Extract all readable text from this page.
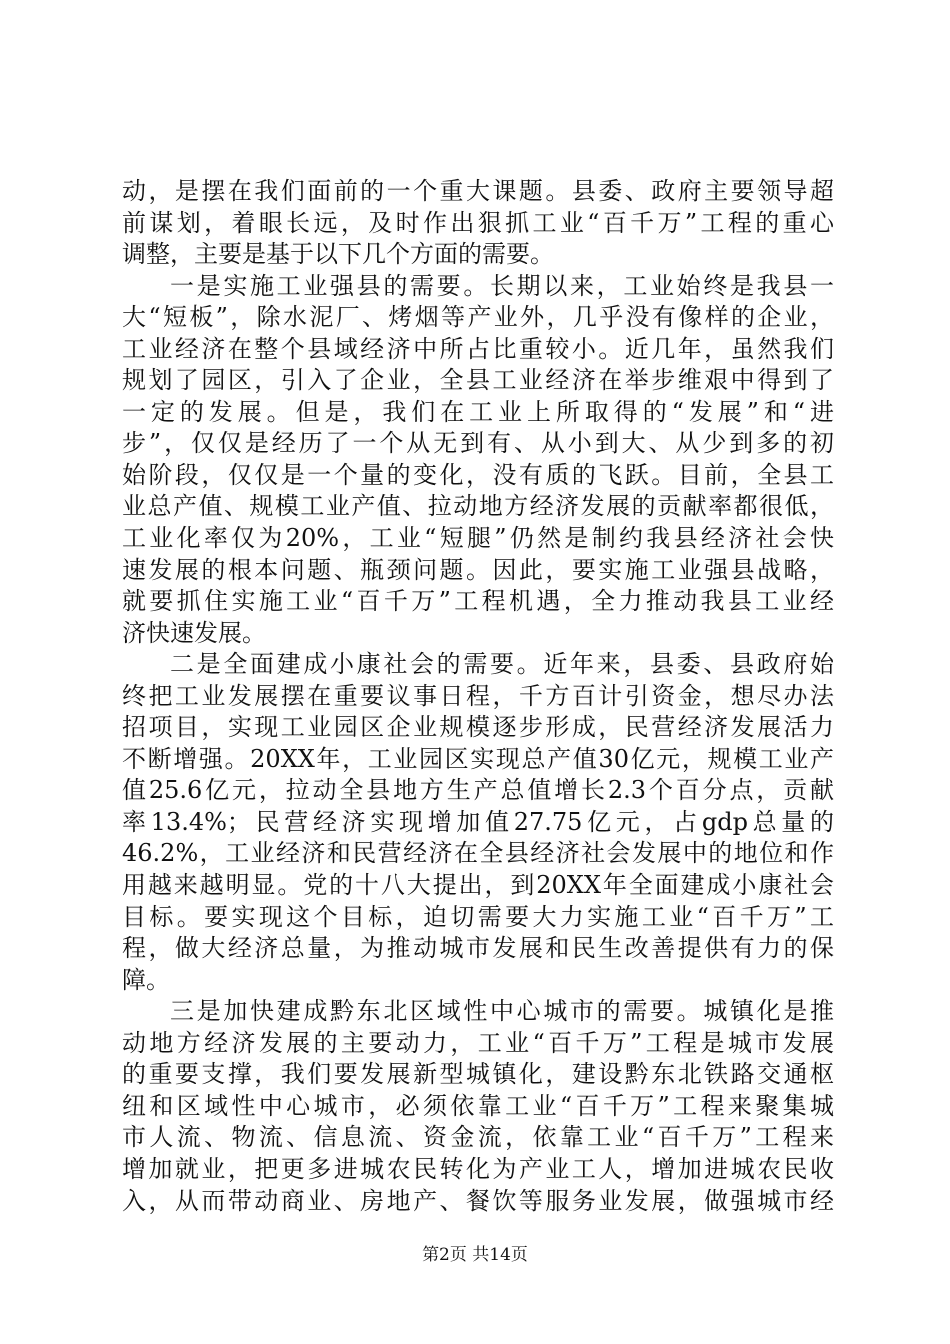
动，是摆在我们面前的一个重大课题。县委、政府主要领导超
前谋划，着眼长远，及时作出狠抓工业“百千万”工程的重心
调整，主要是基于以下几个方面的需要。
一是实施工业强县的需要。长期以来，工业始终是我县一
大“短板”，除水泥厂、烤烟等产业外，几乎没有像样的企业，
工业经济在整个县域经济中所占比重较小。近几年，虽然我们
规划了园区，引入了企业，全县工业经济在举步维艰中得到了
一定的发展。但是，我们在工业上所取得的“发展”和“进
步”，仅仅是经历了一个从无到有、从小到大、从少到多的初
始阶段，仅仅是一个量的变化，没有质的飞跃。目前，全县工
业总产值、规模工业产值、拉动地方经济发展的贡献率都很低，
工业化率仅为20%，工业“短腿”仍然是制约我县经济社会快
速发展的根本问题、瓶颈问题。因此，要实施工业强县战略，
就要抓住实施工业“百千万”工程机遇，全力推动我县工业经
济快速发展。
二是全面建成小康社会的需要。近年来，县委、县政府始
终把工业发展摆在重要议事日程，千方百计引资金，想尽办法
招项目，实现工业园区企业规模逐步形成，民营经济发展活力
不断增强。20XX年，工业园区实现总产值30亿元，规模工业产
值25.6亿元，拉动全县地方生产总值增长2.3个百分点，贡献
率13.4%；民营经济实现增加值27.75亿元，占gdp总量的
46.2%，工业经济和民营经济在全县经济社会发展中的地位和作
用越来越明显。党的十八大提出，到20XX年全面建成小康社会
目标。要实现这个目标，迫切需要大力实施工业“百千万”工
程，做大经济总量，为推动城市发展和民生改善提供有力的保
障。
三是加快建成黔东北区域性中心城市的需要。城镇化是推
动地方经济发展的主要动力，工业“百千万”工程是城市发展
的重要支撑，我们要发展新型城镇化，建设黔东北铁路交通枢
纽和区域性中心城市，必须依靠工业“百千万”工程来聚集城
市人流、物流、信息流、资金流，依靠工业“百千万”工程来
增加就业，把更多进城农民转化为产业工人，增加进城农民收
入，从而带动商业、房地产、餐饮等服务业发展，做强城市经
第2页 共14页
